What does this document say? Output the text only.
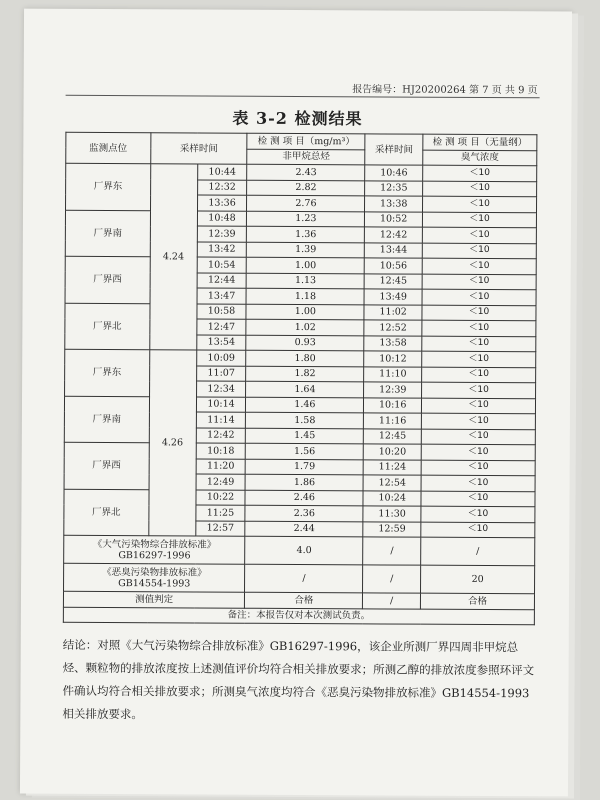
报告编号：HJ20200264 第 7 页 共 9 页
表 3-2 检测结果
监测点位	采样时间		检 测 项 目（mg/m³）	采样时间	检 测 项 目（无量纲）
			非甲烷总烃		臭气浓度
厂界东	4.24	10:44	2.43	10:46	＜10
		12:32	2.82	12:35	＜10
		13:36	2.76	13:38	＜10
厂界南		10:48	1.23	10:52	＜10
		12:39	1.36	12:42	＜10
		13:42	1.39	13:44	＜10
厂界西		10:54	1.00	10:56	＜10
		12:44	1.13	12:45	＜10
		13:47	1.18	13:49	＜10
厂界北		10:58	1.00	11:02	＜10
		12:47	1.02	12:52	＜10
		13:54	0.93	13:58	＜10
厂界东	4.26	10:09	1.80	10:12	＜10
		11:07	1.82	11:10	＜10
		12:34	1.64	12:39	＜10
厂界南		10:14	1.46	10:16	＜10
		11:14	1.58	11:16	＜10
		12:42	1.45	12:45	＜10
厂界西		10:18	1.56	10:20	＜10
		11:20	1.79	11:24	＜10
		12:49	1.86	12:54	＜10
厂界北		10:22	2.46	10:24	＜10
		11:25	2.36	11:30	＜10
		12:57	2.44	12:59	＜10

《大气污染物综合排放标准》
GB16297-1996			4.0	/	/

《恶臭污染物排放标准》
GB14554-1993			/	/	20
测值判定			合格	/	合格
备注：本报告仅对本次测试负责。					
结论：对照《大气污染物综合排放标准》GB16297-1996，该企业所测厂界四周非甲烷总烃、颗粒物的排放浓度按上述测值评价均符合相关排放要求；所测乙醇的排放浓度参照环评文件确认均符合相关排放要求；所测臭气浓度均符合《恶臭污染物排放标准》GB14554-1993 相关排放要求。
